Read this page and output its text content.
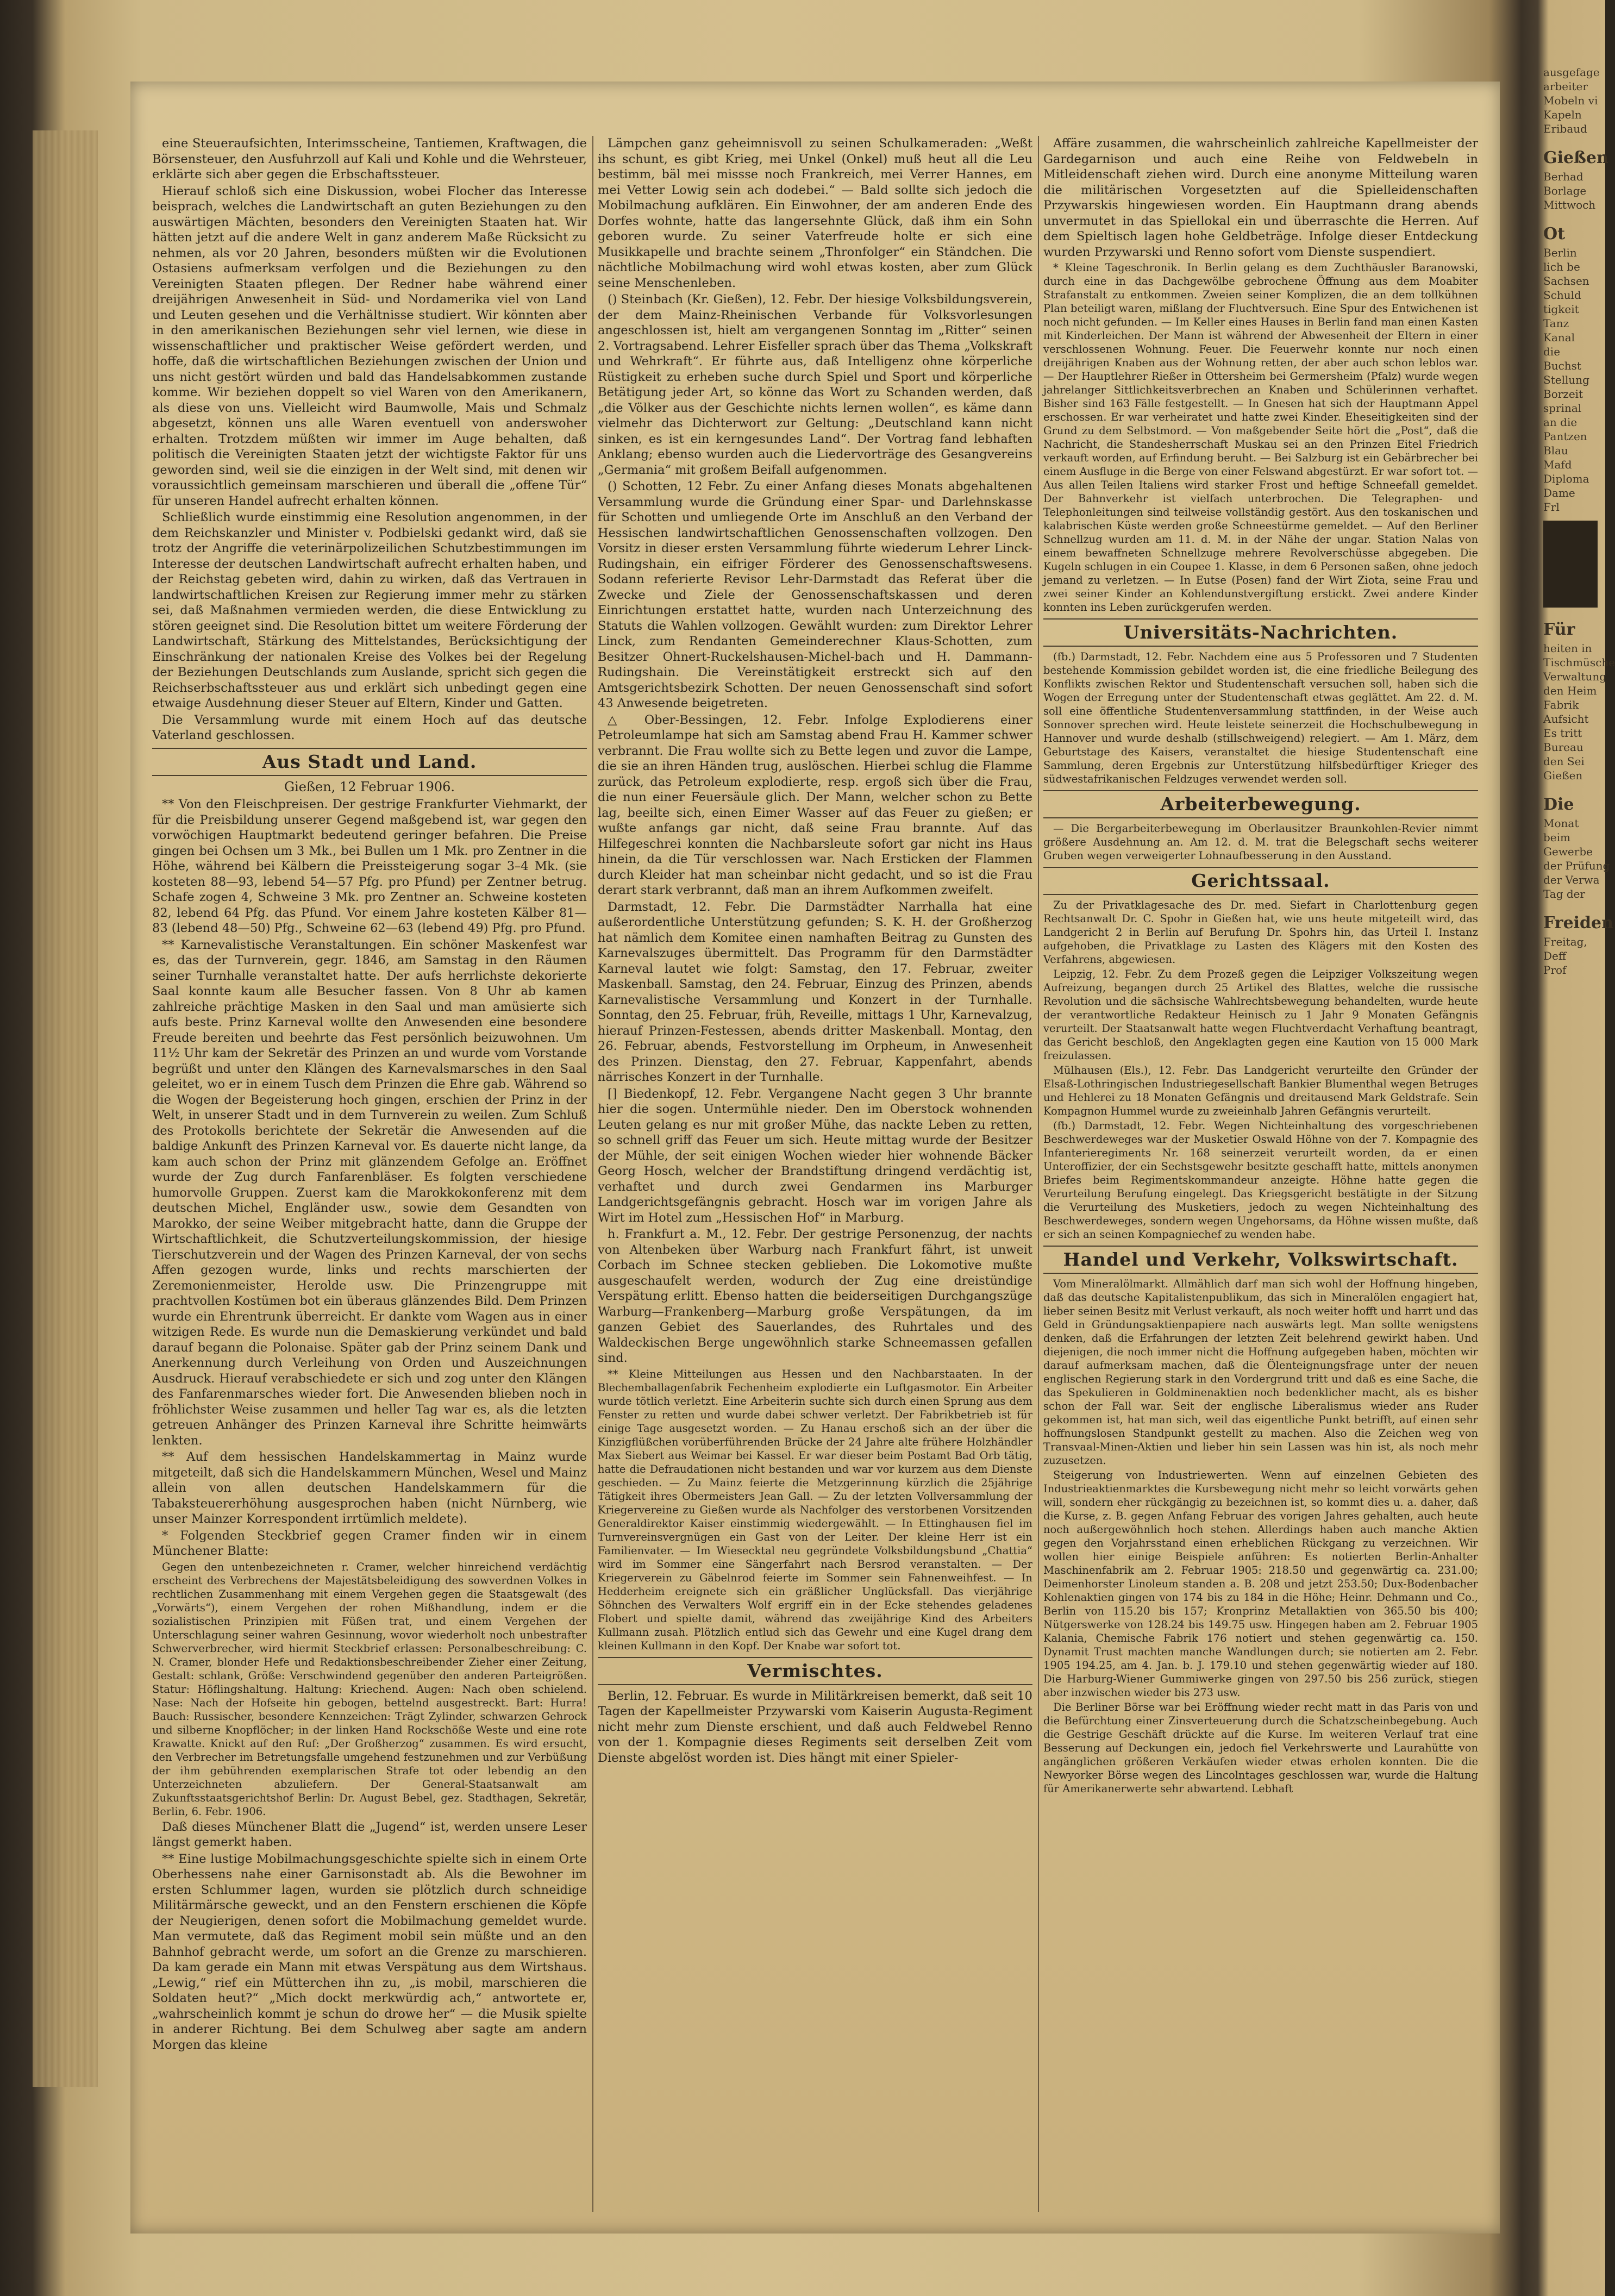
eine Steueraufsichten, Interimsscheine, Tantiemen, Kraftwagen, die Börsensteuer, den Ausfuhrzoll auf Kali und Kohle und die Wehrsteuer, erklärte sich aber gegen die Erbschaftssteuer.

Hierauf schloß sich eine Diskussion, wobei Flocher das Interesse beisprach, welches die Landwirtschaft an guten Beziehungen zu den auswärtigen Mächten, besonders den Vereinigten Staaten hat. Wir hätten jetzt auf die andere Welt in ganz anderem Maße Rücksicht zu nehmen, als vor 20 Jahren, besonders müßten wir die Evolutionen Ostasiens aufmerksam verfolgen und die Beziehungen zu den Vereinigten Staaten pflegen. Der Redner habe während einer dreijährigen Anwesenheit in Süd- und Nordamerika viel von Land und Leuten gesehen und die Verhältnisse studiert. Wir könnten aber in den amerikanischen Beziehungen sehr viel lernen, wie diese in wissenschaftlicher und praktischer Weise gefördert werden, und hoffe, daß die wirtschaftlichen Beziehungen zwischen der Union und uns nicht gestört würden und bald das Handelsabkommen zustande komme. Wir beziehen doppelt so viel Waren von den Amerikanern, als diese von uns. Vielleicht wird Baumwolle, Mais und Schmalz abgesetzt, können uns alle Waren eventuell von anderswoher erhalten. Trotzdem müßten wir immer im Auge behalten, daß politisch die Vereinigten Staaten jetzt der wichtigste Faktor für uns geworden sind, weil sie die einzigen in der Welt sind, mit denen wir voraussichtlich gemeinsam marschieren und überall die „offene Tür“ für unseren Handel aufrecht erhalten können.

Schließlich wurde einstimmig eine Resolution angenommen, in der dem Reichskanzler und Minister v. Podbielski gedankt wird, daß sie trotz der Angriffe die veterinärpolizeilichen Schutzbestimmungen im Interesse der deutschen Landwirtschaft aufrecht erhalten haben, und der Reichstag gebeten wird, dahin zu wirken, daß das Vertrauen in landwirtschaftlichen Kreisen zur Regierung immer mehr zu stärken sei, daß Maßnahmen vermieden werden, die diese Entwicklung zu stören geeignet sind. Die Resolution bittet um weitere Förderung der Landwirtschaft, Stärkung des Mittelstandes, Berücksichtigung der Einschränkung der nationalen Kreise des Volkes bei der Regelung der Beziehungen Deutschlands zum Auslande, spricht sich gegen die Reichserbschaftssteuer aus und erklärt sich unbedingt gegen eine etwaige Ausdehnung dieser Steuer auf Eltern, Kinder und Gatten.

Die Versammlung wurde mit einem Hoch auf das deutsche Vaterland geschlossen.

Aus Stadt und Land.
Gießen, 12 Februar 1906.

** Von den Fleischpreisen. Der gestrige Frankfurter Viehmarkt, der für die Preisbildung unserer Gegend maßgebend ist, war gegen den vorwöchigen Hauptmarkt bedeutend geringer befahren. Die Preise gingen bei Ochsen um 3 Mk., bei Bullen um 1 Mk. pro Zentner in die Höhe, während bei Kälbern die Preissteigerung sogar 3–4 Mk. (sie kosteten 88—93, lebend 54—57 Pfg. pro Pfund) per Zentner betrug. Schafe zogen 4, Schweine 3 Mk. pro Zentner an. Schweine kosteten 82, lebend 64 Pfg. das Pfund. Vor einem Jahre kosteten Kälber 81—83 (lebend 48—50) Pfg., Schweine 62—63 (lebend 49) Pfg. pro Pfund.

** Karnevalistische Veranstaltungen. Ein schöner Maskenfest war es, das der Turnverein, gegr. 1846, am Samstag in den Räumen seiner Turnhalle veranstaltet hatte. Der aufs herrlichste dekorierte Saal konnte kaum alle Besucher fassen. Von 8 Uhr ab kamen zahlreiche prächtige Masken in den Saal und man amüsierte sich aufs beste. Prinz Karneval wollte den Anwesenden eine besondere Freude bereiten und beehrte das Fest persönlich beizuwohnen. Um 11½ Uhr kam der Sekretär des Prinzen an und wurde vom Vorstande begrüßt und unter den Klängen des Karnevalsmarsches in den Saal geleitet, wo er in einem Tusch dem Prinzen die Ehre gab. Während so die Wogen der Begeisterung hoch gingen, erschien der Prinz in der Welt, in unserer Stadt und in dem Turnverein zu weilen. Zum Schluß des Protokolls berichtete der Sekretär die Anwesenden auf die baldige Ankunft des Prinzen Karneval vor. Es dauerte nicht lange, da kam auch schon der Prinz mit glänzendem Gefolge an. Eröffnet wurde der Zug durch Fanfarenbläser. Es folgten verschiedene humorvolle Gruppen. Zuerst kam die Marokkokonferenz mit dem deutschen Michel, Engländer usw., sowie dem Gesandten von Marokko, der seine Weiber mitgebracht hatte, dann die Gruppe der Wirtschaftlichkeit, die Schutzverteilungskommission, der hiesige Tierschutzverein und der Wagen des Prinzen Karneval, der von sechs Affen gezogen wurde, links und rechts marschierten der Zeremonienmeister, Herolde usw. Die Prinzengruppe mit prachtvollen Kostümen bot ein überaus glänzendes Bild. Dem Prinzen wurde ein Ehrentrunk überreicht. Er dankte vom Wagen aus in einer witzigen Rede. Es wurde nun die Demaskierung verkündet und bald darauf begann die Polonaise. Später gab der Prinz seinem Dank und Anerkennung durch Verleihung von Orden und Auszeichnungen Ausdruck. Hierauf verabschiedete er sich und zog unter den Klängen des Fanfarenmarsches wieder fort. Die Anwesenden blieben noch in fröhlichster Weise zusammen und heller Tag war es, als die letzten getreuen Anhänger des Prinzen Karneval ihre Schritte heimwärts lenkten.

** Auf dem hessischen Handelskammertag in Mainz wurde mitgeteilt, daß sich die Handelskammern München, Wesel und Mainz allein von allen deutschen Handelskammern für die Tabaksteuererhöhung ausgesprochen haben (nicht Nürnberg, wie unser Mainzer Korrespondent irrtümlich meldete).

* Folgenden Steckbrief gegen Cramer finden wir in einem Münchener Blatte:

Gegen den untenbezeichneten r. Cramer, welcher hinreichend verdächtig erscheint des Verbrechens der Majestätsbeleidigung des sowverdnen Volkes in rechtlichen Zusammenhang mit einem Vergehen gegen die Staatsgewalt (des „Vorwärts“), einem Vergehen der rohen Mißhandlung, indem er die sozialistischen Prinzipien mit Füßen trat, und einem Vergehen der Unterschlagung seiner wahren Gesinnung, wovor wiederholt noch unbestrafter Schwerverbrecher, wird hiermit Steckbrief erlassen: Personalbeschreibung: C. N. Cramer, blonder Hefe und Redaktionsbeschreibender Zieher einer Zeitung, Gestalt: schlank, Größe: Verschwindend gegenüber den anderen Parteigrößen. Statur: Höflingshaltung. Haltung: Kriechend. Augen: Nach oben schielend. Nase: Nach der Hofseite hin gebogen, bettelnd ausgestreckt. Bart: Hurra! Bauch: Russischer, besondere Kennzeichen: Trägt Zylinder, schwarzen Gehrock und silberne Knopflöcher; in der linken Hand Rockschöße Weste und eine rote Krawatte. Knickt auf den Ruf: „Der Großherzog“ zusammen. Es wird ersucht, den Verbrecher im Betretungsfalle umgehend festzunehmen und zur Verbüßung der ihm gebührenden exemplarischen Strafe tot oder lebendig an den Unterzeichneten abzuliefern. Der General-Staatsanwalt am Zukunftsstaatsgerichtshof Berlin: Dr. August Bebel, gez. Stadthagen, Sekretär, Berlin, 6. Febr. 1906.

Daß dieses Münchener Blatt die „Jugend“ ist, werden unsere Leser längst gemerkt haben.

** Eine lustige Mobilmachungsgeschichte spielte sich in einem Orte Oberhessens nahe einer Garnisonstadt ab. Als die Bewohner im ersten Schlummer lagen, wurden sie plötzlich durch schneidige Militärmärsche geweckt, und an den Fenstern erschienen die Köpfe der Neugierigen, denen sofort die Mobilmachung gemeldet wurde. Man vermutete, daß das Regiment mobil sein müßte und an den Bahnhof gebracht werde, um sofort an die Grenze zu marschieren. Da kam gerade ein Mann mit etwas Verspätung aus dem Wirtshaus. „Lewig,“ rief ein Mütterchen ihn zu, „is mobil, marschieren die Soldaten heut?“ „Mich dockt merkwürdig ach,“ antwortete er, „wahrscheinlich kommt je schun do drowe her“ — die Musik spielte in anderer Richtung. Bei dem Schulweg aber sagte am andern Morgen das kleine

Lämpchen ganz geheimnisvoll zu seinen Schulkameraden: „Weßt ihs schunt, es gibt Krieg, mei Unkel (Onkel) muß heut all die Leu bestimm, bäl mei missse noch Frankreich, mei Verrer Hannes, em mei Vetter Lowig sein ach dodebei.“ — Bald sollte sich jedoch die Mobilmachung aufklären. Ein Einwohner, der am anderen Ende des Dorfes wohnte, hatte das langersehnte Glück, daß ihm ein Sohn geboren wurde. Zu seiner Vaterfreude holte er sich eine Musikkapelle und brachte seinem „Thronfolger“ ein Ständchen. Die nächtliche Mobilmachung wird wohl etwas kosten, aber zum Glück seine Menschenleben.

() Steinbach (Kr. Gießen), 12. Febr. Der hiesige Volksbildungsverein, der dem Mainz-Rheinischen Verbande für Volksvorlesungen angeschlossen ist, hielt am vergangenen Sonntag im „Ritter“ seinen 2. Vortragsabend. Lehrer Eisfeller sprach über das Thema „Volkskraft und Wehrkraft“. Er führte aus, daß Intelligenz ohne körperliche Rüstigkeit zu erheben suche durch Spiel und Sport und körperliche Betätigung jeder Art, so könne das Wort zu Schanden werden, daß „die Völker aus der Geschichte nichts lernen wollen“, es käme dann vielmehr das Dichterwort zur Geltung: „Deutschland kann nicht sinken, es ist ein kerngesundes Land“. Der Vortrag fand lebhaften Anklang; ebenso wurden auch die Liedervorträge des Gesangvereins „Germania“ mit großem Beifall aufgenommen.

() Schotten, 12 Febr. Zu einer Anfang dieses Monats abgehaltenen Versammlung wurde die Gründung einer Spar- und Darlehnskasse für Schotten und umliegende Orte im Anschluß an den Verband der Hessischen landwirtschaftlichen Genossenschaften vollzogen. Den Vorsitz in dieser ersten Versammlung führte wiederum Lehrer Linck-Rudingshain, ein eifriger Förderer des Genossenschaftswesens. Sodann referierte Revisor Lehr-Darmstadt das Referat über die Zwecke und Ziele der Genossenschaftskassen und deren Einrichtungen erstattet hatte, wurden nach Unterzeichnung des Statuts die Wahlen vollzogen. Gewählt wurden: zum Direktor Lehrer Linck, zum Rendanten Gemeinderechner Klaus-Schotten, zum Besitzer Ohnert-Ruckelshausen-Michel-bach und H. Dammann-Rudingshain. Die Vereinstätigkeit erstreckt sich auf den Amtsgerichtsbezirk Schotten. Der neuen Genossenschaft sind sofort 43 Anwesende beigetreten.

△ Ober-Bessingen, 12. Febr. Infolge Explodierens einer Petroleumlampe hat sich am Samstag abend Frau H. Kammer schwer verbrannt. Die Frau wollte sich zu Bette legen und zuvor die Lampe, die sie an ihren Händen trug, auslöschen. Hierbei schlug die Flamme zurück, das Petroleum explodierte, resp. ergoß sich über die Frau, die nun einer Feuersäule glich. Der Mann, welcher schon zu Bette lag, beeilte sich, einen Eimer Wasser auf das Feuer zu gießen; er wußte anfangs gar nicht, daß seine Frau brannte. Auf das Hilfegeschrei konnten die Nachbarsleute sofort gar nicht ins Haus hinein, da die Tür verschlossen war. Nach Ersticken der Flammen durch Kleider hat man scheinbar nicht gedacht, und so ist die Frau derart stark verbrannt, daß man an ihrem Aufkommen zweifelt.

Darmstadt, 12. Febr. Die Darmstädter Narrhalla hat eine außerordentliche Unterstützung gefunden; S. K. H. der Großherzog hat nämlich dem Komitee einen namhaften Beitrag zu Gunsten des Karnevalszuges übermittelt. Das Programm für den Darmstädter Karneval lautet wie folgt: Samstag, den 17. Februar, zweiter Maskenball. Samstag, den 24. Februar, Einzug des Prinzen, abends Karnevalistische Versammlung und Konzert in der Turnhalle. Sonntag, den 25. Februar, früh, Reveille, mittags 1 Uhr, Karnevalzug, hierauf Prinzen-Festessen, abends dritter Maskenball. Montag, den 26. Februar, abends, Festvorstellung im Orpheum, in Anwesenheit des Prinzen. Dienstag, den 27. Februar, Kappenfahrt, abends närrisches Konzert in der Turnhalle.

[] Biedenkopf, 12. Febr. Vergangene Nacht gegen 3 Uhr brannte hier die sogen. Untermühle nieder. Den im Oberstock wohnenden Leuten gelang es nur mit großer Mühe, das nackte Leben zu retten, so schnell griff das Feuer um sich. Heute mittag wurde der Besitzer der Mühle, der seit einigen Wochen wieder hier wohnende Bäcker Georg Hosch, welcher der Brandstiftung dringend verdächtig ist, verhaftet und durch zwei Gendarmen ins Marburger Landgerichtsgefängnis gebracht. Hosch war im vorigen Jahre als Wirt im Hotel zum „Hessischen Hof“ in Marburg.

h. Frankfurt a. M., 12. Febr. Der gestrige Personenzug, der nachts von Altenbeken über Warburg nach Frankfurt fährt, ist unweit Corbach im Schnee stecken geblieben. Die Lokomotive mußte ausgeschaufelt werden, wodurch der Zug eine dreistündige Verspätung erlitt. Ebenso hatten die beiderseitigen Durchgangszüge Warburg—Frankenberg—Marburg große Verspätungen, da im ganzen Gebiet des Sauerlandes, des Ruhrtales und des Waldeckischen Berge ungewöhnlich starke Schneemassen gefallen sind.

** Kleine Mitteilungen aus Hessen und den Nachbarstaaten. In der Blechemballagenfabrik Fechenheim explodierte ein Luftgasmotor. Ein Arbeiter wurde tötlich verletzt. Eine Arbeiterin suchte sich durch einen Sprung aus dem Fenster zu retten und wurde dabei schwer verletzt. Der Fabrikbetrieb ist für einige Tage ausgesetzt worden. — Zu Hanau erschoß sich an der über die Kinzigflüßchen vorüberführenden Brücke der 24 Jahre alte frühere Holzhändler Max Siebert aus Weimar bei Kassel. Er war dieser beim Postamt Bad Orb tätig, hatte die Defraudationen nicht bestanden und war vor kurzem aus dem Dienste geschieden. — Zu Mainz feierte die Metzgerinnung kürzlich die 25jährige Tätigkeit ihres Obermeisters Jean Gall. — Zu der letzten Vollversammlung der Kriegervereine zu Gießen wurde als Nachfolger des verstorbenen Vorsitzenden Generaldirektor Kaiser einstimmig wiedergewählt. — In Ettinghausen fiel im Turnvereinsvergnügen ein Gast von der Leiter. Der kleine Herr ist ein Familienvater. — Im Wiesecktal neu gegründete Volksbildungsbund „Chattia“ wird im Sommer eine Sängerfahrt nach Bersrod veranstalten. — Der Kriegerverein zu Gäbelnrod feierte im Sommer sein Fahnenweihfest. — In Hedderheim ereignete sich ein gräßlicher Unglücksfall. Das vierjährige Söhnchen des Verwalters Wolf ergriff ein in der Ecke stehendes geladenes Flobert und spielte damit, während das zweijährige Kind des Arbeiters Kullmann zusah. Plötzlich entlud sich das Gewehr und eine Kugel drang dem kleinen Kullmann in den Kopf. Der Knabe war sofort tot.

Vermischtes.

Berlin, 12. Februar. Es wurde in Militärkreisen bemerkt, daß seit 10 Tagen der Kapellmeister Przywarski vom Kaiserin Augusta-Regiment nicht mehr zum Dienste erschient, und daß auch Feldwebel Renno von der 1. Kompagnie dieses Regiments seit derselben Zeit vom Dienste abgelöst worden ist. Dies hängt mit einer Spieler-

Affäre zusammen, die wahrscheinlich zahlreiche Kapellmeister der Gardegarnison und auch eine Reihe von Feldwebeln in Mitleidenschaft ziehen wird. Durch eine anonyme Mitteilung waren die militärischen Vorgesetzten auf die Spielleidenschaften Przywarskis hingewiesen worden. Ein Hauptmann drang abends unvermutet in das Spiellokal ein und überraschte die Herren. Auf dem Spieltisch lagen hohe Geldbeträge. Infolge dieser Entdeckung wurden Przywarski und Renno sofort vom Dienste suspendiert.

* Kleine Tageschronik. In Berlin gelang es dem Zuchthäusler Baranowski, durch eine in das Dachgewölbe gebrochene Öffnung aus dem Moabiter Strafanstalt zu entkommen. Zweien seiner Komplizen, die an dem tollkühnen Plan beteiligt waren, mißlang der Fluchtversuch. Eine Spur des Entwichenen ist noch nicht gefunden. — Im Keller eines Hauses in Berlin fand man einen Kasten mit Kinderleichen. Der Mann ist während der Abwesenheit der Eltern in einer verschlossenen Wohnung. Feuer. Die Feuerwehr konnte nur noch einen dreijährigen Knaben aus der Wohnung retten, der aber auch schon leblos war. — Der Hauptlehrer Rießer in Ottersheim bei Germersheim (Pfalz) wurde wegen jahrelanger Sittlichkeitsverbrechen an Knaben und Schülerinnen verhaftet. Bisher sind 163 Fälle festgestellt. — In Gnesen hat sich der Hauptmann Appel erschossen. Er war verheiratet und hatte zwei Kinder. Eheseitigkeiten sind der Grund zu dem Selbstmord. — Von maßgebender Seite hört die „Post“, daß die Nachricht, die Standesherrschaft Muskau sei an den Prinzen Eitel Friedrich verkauft worden, auf Erfindung beruht. — Bei Salzburg ist ein Gebärbrecher bei einem Ausfluge in die Berge von einer Felswand abgestürzt. Er war sofort tot. — Aus allen Teilen Italiens wird starker Frost und heftige Schneefall gemeldet. Der Bahnverkehr ist vielfach unterbrochen. Die Telegraphen- und Telephonleitungen sind teilweise vollständig gestört. Aus den toskanischen und kalabrischen Küste werden große Schneestürme gemeldet. — Auf den Berliner Schnellzug wurden am 11. d. M. in der Nähe der ungar. Station Nalas von einem bewaffneten Schnellzuge mehrere Revolverschüsse abgegeben. Die Kugeln schlugen in ein Coupee 1. Klasse, in dem 6 Personen saßen, ohne jedoch jemand zu verletzen. — In Eutse (Posen) fand der Wirt Ziota, seine Frau und zwei seiner Kinder an Kohlendunstvergiftung erstickt. Zwei andere Kinder konnten ins Leben zurückgerufen werden.

Universitäts-Nachrichten.

(fb.) Darmstadt, 12. Febr. Nachdem eine aus 5 Professoren und 7 Studenten bestehende Kommission gebildet worden ist, die eine friedliche Beilegung des Konflikts zwischen Rektor und Studentenschaft versuchen soll, haben sich die Wogen der Erregung unter der Studentenschaft etwas geglättet. Am 22. d. M. soll eine öffentliche Studentenversammlung stattfinden, in der Weise auch Sonnover sprechen wird. Heute leistete seinerzeit die Hochschulbewegung in Hannover und wurde deshalb (stillschweigend) relegiert. — Am 1. März, dem Geburtstage des Kaisers, veranstaltet die hiesige Studentenschaft eine Sammlung, deren Ergebnis zur Unterstützung hilfsbedürftiger Krieger des südwestafrikanischen Feldzuges verwendet werden soll.

Arbeiterbewegung.

— Die Bergarbeiterbewegung im Oberlausitzer Braunkohlen-Revier nimmt größere Ausdehnung an. Am 12. d. M. trat die Belegschaft sechs weiterer Gruben wegen verweigerter Lohnaufbesserung in den Ausstand.

Gerichtssaal.

Zu der Privatklagesache des Dr. med. Siefart in Charlottenburg gegen Rechtsanwalt Dr. C. Spohr in Gießen hat, wie uns heute mitgeteilt wird, das Landgericht 2 in Berlin auf Berufung Dr. Spohrs hin, das Urteil I. Instanz aufgehoben, die Privatklage zu Lasten des Klägers mit den Kosten des Verfahrens, abgewiesen.

Leipzig, 12. Febr. Zu dem Prozeß gegen die Leipziger Volkszeitung wegen Aufreizung, begangen durch 25 Artikel des Blattes, welche die russische Revolution und die sächsische Wahlrechtsbewegung behandelten, wurde heute der verantwortliche Redakteur Heinisch zu 1 Jahr 9 Monaten Gefängnis verurteilt. Der Staatsanwalt hatte wegen Fluchtverdacht Verhaftung beantragt, das Gericht beschloß, den Angeklagten gegen eine Kaution von 15 000 Mark freizulassen.

Mülhausen (Els.), 12. Febr. Das Landgericht verurteilte den Gründer der Elsaß-Lothringischen Industriegesellschaft Bankier Blumenthal wegen Betruges und Hehlerei zu 18 Monaten Gefängnis und dreitausend Mark Geldstrafe. Sein Kompagnon Hummel wurde zu zweieinhalb Jahren Gefängnis verurteilt.

(fb.) Darmstadt, 12. Febr. Wegen Nichteinhaltung des vorgeschriebenen Beschwerdeweges war der Musketier Oswald Höhne von der 7. Kompagnie des Infanterieregiments Nr. 168 seinerzeit verurteilt worden, da er einen Unteroffizier, der ein Sechstsgewehr besitzte geschafft hatte, mittels anonymen Briefes beim Regimentskommandeur anzeigte. Höhne hatte gegen die Verurteilung Berufung eingelegt. Das Kriegsgericht bestätigte in der Sitzung die Verurteilung des Musketiers, jedoch zu wegen Nichteinhaltung des Beschwerdeweges, sondern wegen Ungehorsams, da Höhne wissen mußte, daß er sich an seinen Kompagniechef zu wenden habe.

Handel und Verkehr, Volkswirtschaft.

Vom Mineralölmarkt. Allmählich darf man sich wohl der Hoffnung hingeben, daß das deutsche Kapitalistenpublikum, das sich in Mineralölen engagiert hat, lieber seinen Besitz mit Verlust verkauft, als noch weiter hofft und harrt und das Geld in Gründungsaktienpapiere nach auswärts legt. Man sollte wenigstens denken, daß die Erfahrungen der letzten Zeit belehrend gewirkt haben. Und diejenigen, die noch immer nicht die Hoffnung aufgegeben haben, möchten wir darauf aufmerksam machen, daß die Ölenteignungsfrage unter der neuen englischen Regierung stark in den Vordergrund tritt und daß es eine Sache, die das Spekulieren in Goldminenaktien noch bedenklicher macht, als es bisher schon der Fall war. Seit der englische Liberalismus wieder ans Ruder gekommen ist, hat man sich, weil das eigentliche Punkt betrifft, auf einen sehr hoffnungslosen Standpunkt gestellt zu machen. Also die Zeichen weg von Transvaal-Minen-Aktien und lieber hin sein Lassen was hin ist, als noch mehr zuzusetzen.

Steigerung von Industriewerten. Wenn auf einzelnen Gebieten des Industrieaktienmarktes die Kursbewegung nicht mehr so leicht vorwärts gehen will, sondern eher rückgängig zu bezeichnen ist, so kommt dies u. a. daher, daß die Kurse, z. B. gegen Anfang Februar des vorigen Jahres gehalten, auch heute noch außergewöhnlich hoch stehen. Allerdings haben auch manche Aktien gegen den Vorjahrsstand einen erheblichen Rückgang zu verzeichnen. Wir wollen hier einige Beispiele anführen: Es notierten Berlin-Anhalter Maschinenfabrik am 2. Februar 1905: 218.50 und gegenwärtig ca. 231.00; Deimenhorster Linoleum standen a. B. 208 und jetzt 253.50; Dux-Bodenbacher Kohlenaktien gingen von 174 bis zu 184 in die Höhe; Heinr. Dehmann und Co., Berlin von 115.20 bis 157; Kronprinz Metallaktien von 365.50 bis 400; Nütgerswerke von 128.24 bis 149.75 usw. Hingegen haben am 2. Februar 1905 Kalania, Chemische Fabrik 176 notiert und stehen gegenwärtig ca. 150. Dynamit Trust machten manche Wandlungen durch; sie notierten am 2. Febr. 1905 194.25, am 4. Jan. b. J. 179.10 und stehen gegenwärtig wieder auf 180. Die Harburg-Wiener Gummiwerke gingen von 297.50 bis 256 zurück, stiegen aber inzwischen wieder bis 273 usw.

Die Berliner Börse war bei Eröffnung wieder recht matt in das Paris von und die Befürchtung einer Zinsverteuerung durch die Schatzscheinbegebung. Auch die Gestrige Geschäft drückte auf die Kurse. Im weiteren Verlauf trat eine Besserung auf Deckungen ein, jedoch fiel Verkehrswerte und Laurahütte von angänglichen größeren Verkäufen wieder etwas erholen konnten. Die die Newyorker Börse wegen des Lincolntages geschlossen war, wurde die Haltung für Amerikanerwerte sehr abwartend. Lebhaft

ausgefage
arbeiter
Mobeln vi
Kapeln
Eribaud
Gießen
Berhad
Borlage
Mittwoch
Ot
Berlin
lich be
Sachsen
Schuld
tigkeit
Tanz
Kanal
die
Buchst
Stellung
Borzeit
sprinal
an die
Pantzen
Blau
Mafd
Diploma
Dame
Frl
Für
heiten in
Tischmüsche
Verwaltung
den Heim
Fabrik
Aufsicht
Es tritt
Bureau
den Sei
Gießen
Die
Monat
beim
Gewerbe
der Prüfung
der Verwa
Tag der
Freiden
Freitag,
Deff
Prof
